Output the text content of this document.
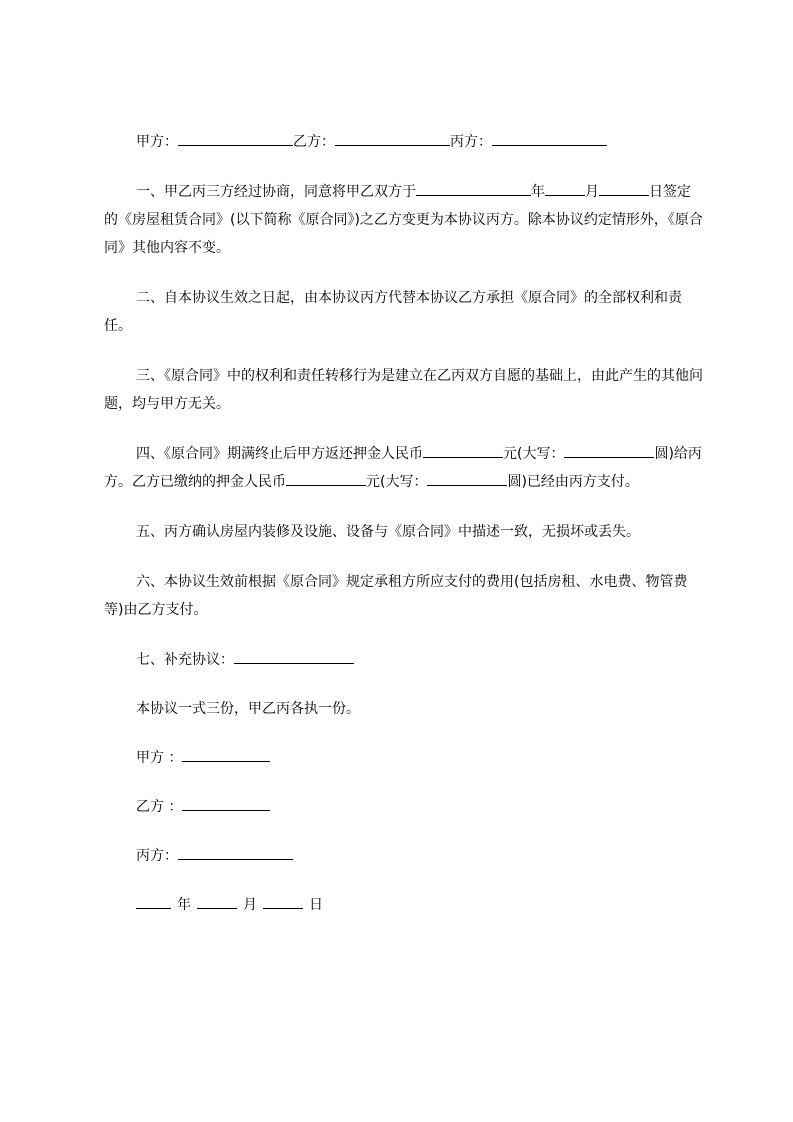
甲方：	乙方：	丙方：

一、甲乙丙三方经过协商，同意将甲乙双方于	年	月	日签定的《房屋租赁合同》(以下简称《原合同》)之乙方变更为本协议丙方。除本协议约定情形外，《原合同》其他内容不变。

二、自本协议生效之日起，由本协议丙方代替本协议乙方承担《原合同》的全部权利和责任。

三、《原合同》中的权利和责任转移行为是建立在乙丙双方自愿的基础上，由此产生的其他问题，均与甲方无关。

四、《原合同》期满终止后甲方返还押金人民币	元(大写：	圆)给丙方。乙方已缴纳的押金人民币	元(大写：	圆)已经由丙方支付。

五、丙方确认房屋内装修及设施、设备与《原合同》中描述一致，无损坏或丢失。

六、本协议生效前根据《原合同》规定承租方所应支付的费用(包括房租、水电费、物管费等)由乙方支付。

七、补充协议：

本协议一式三份，甲乙丙各执一份。

甲方 ：

乙方 ：

丙方：

年	月	日
